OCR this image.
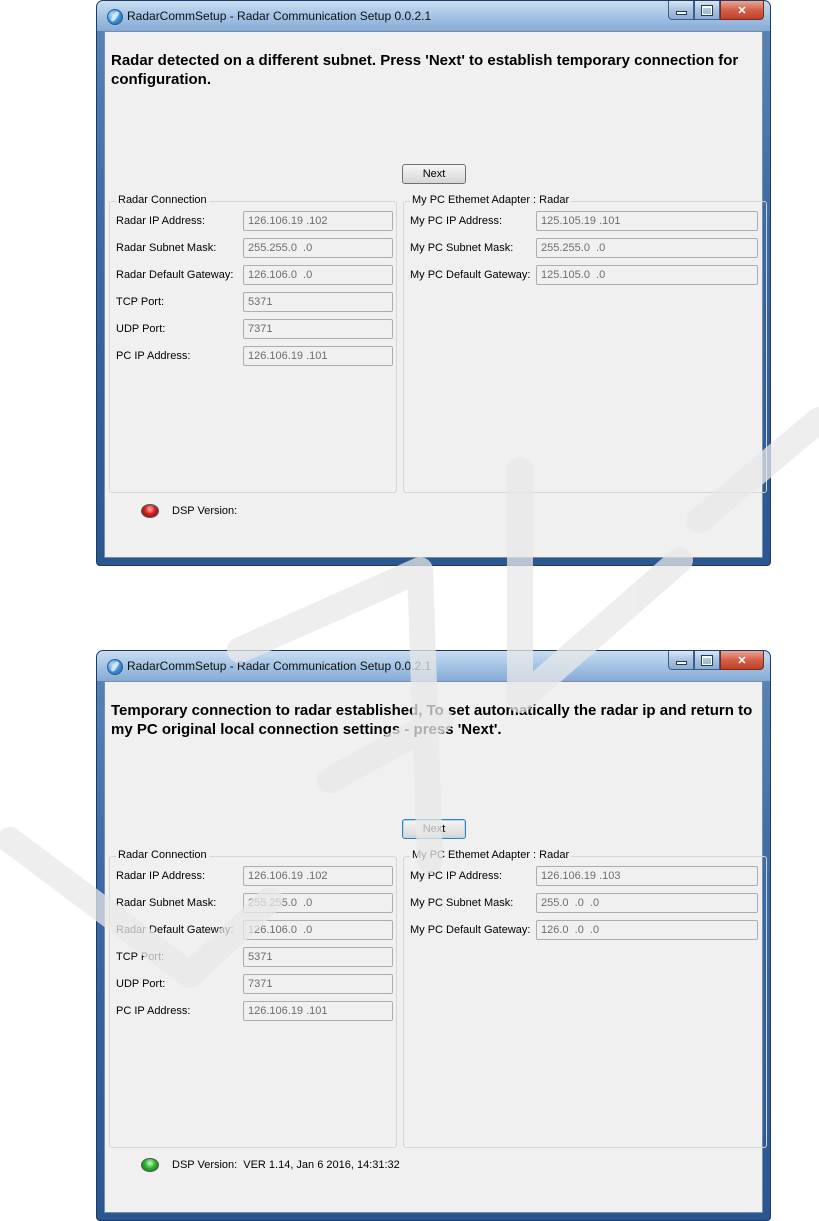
RadarCommSetup - Radar Communication Setup 0.0.2.1	✕
Radar detected on a different subnet. Press 'Next' to establish temporary connection for configuration.
Next
Radar Connection
Radar IP Address:	126.106.19 .102
Radar Subnet Mask:	255.255.0  .0
Radar Default Gateway:	126.106.0  .0
TCP Port:	5371
UDP Port:	7371
PC IP Address:	126.106.19 .101
My PC Ethemet Adapter : Radar
My PC IP Address:	125.105.19 .101
My PC Subnet Mask:	255.255.0  .0
My PC Default Gateway: 125.105.0  .0
DSP Version:
RadarCommSetup - Radar Communication Setup 0.0.2.1	✕
Temporary connection to radar established, To set automatically the radar ip and return to my PC original local connection settings - press 'Next'.
Next
Radar Connection
Radar IP Address:	126.106.19 .102
Radar Subnet Mask:	255.255.0  .0
Radar Default Gateway:	126.106.0  .0
TCP Port:	5371
UDP Port:	7371
PC IP Address:	126.106.19 .101
My PC Ethemet Adapter : Radar
My PC IP Address:	126.106.19 .103
My PC Subnet Mask:	255.0  .0  .0
My PC Default Gateway: 126.0  .0  .0
DSP Version: VER 1.14, Jan 6 2016, 14:31:32
